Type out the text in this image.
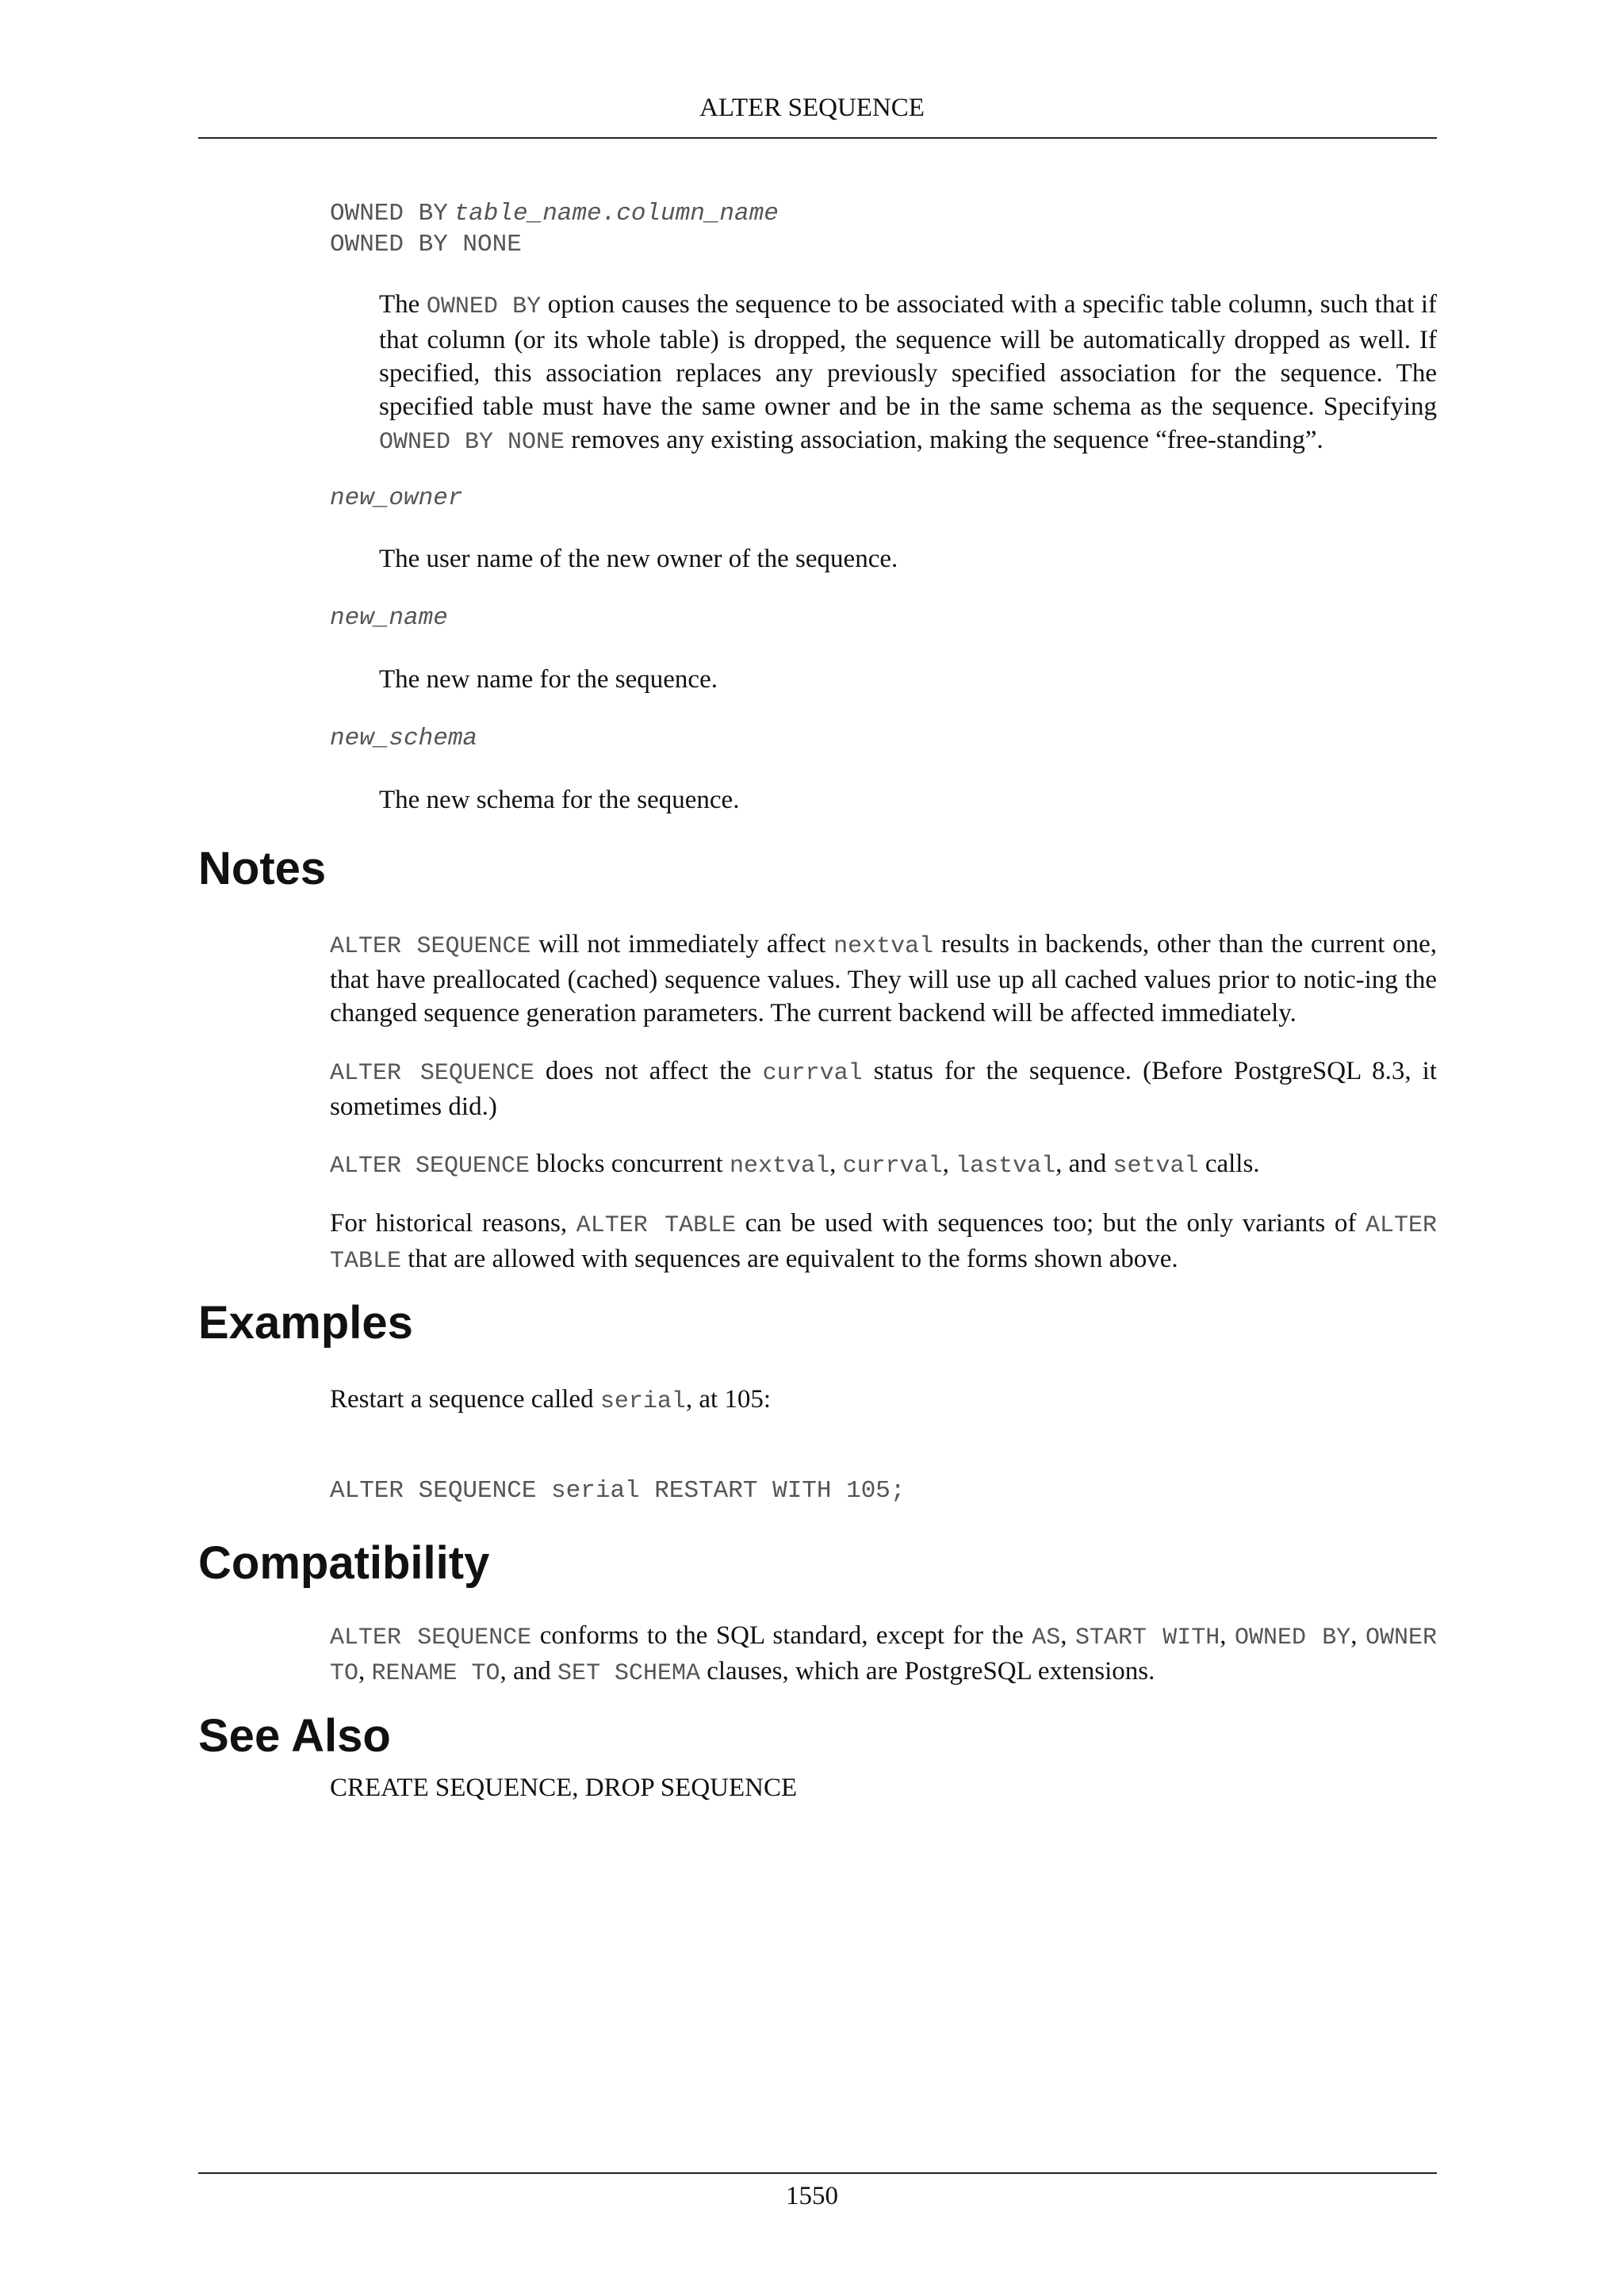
ALTER SEQUENCE
OWNED BY table_name.column_name
OWNED BY NONE
The OWNED BY option causes the sequence to be associated with a specific table column, such that if that column (or its whole table) is dropped, the sequence will be automatically dropped as well. If specified, this association replaces any previously specified association for the sequence. The specified table must have the same owner and be in the same schema as the sequence. Specifying OWNED BY NONE removes any existing association, making the sequence “free-standing”.
new_owner
The user name of the new owner of the sequence.
new_name
The new name for the sequence.
new_schema
The new schema for the sequence.
Notes
ALTER SEQUENCE will not immediately affect nextval results in backends, other than the current one, that have preallocated (cached) sequence values. They will use up all cached values prior to notic-ing the changed sequence generation parameters. The current backend will be affected immediately.
ALTER SEQUENCE does not affect the currval status for the sequence. (Before PostgreSQL 8.3, it sometimes did.)
ALTER SEQUENCE blocks concurrent nextval, currval, lastval, and setval calls.
For historical reasons, ALTER TABLE can be used with sequences too; but the only variants of ALTER TABLE that are allowed with sequences are equivalent to the forms shown above.
Examples
Restart a sequence called serial, at 105:
ALTER SEQUENCE serial RESTART WITH 105;
Compatibility
ALTER SEQUENCE conforms to the SQL standard, except for the AS, START WITH, OWNED BY, OWNER TO, RENAME TO, and SET SCHEMA clauses, which are PostgreSQL extensions.
See Also
CREATE SEQUENCE, DROP SEQUENCE
1550
